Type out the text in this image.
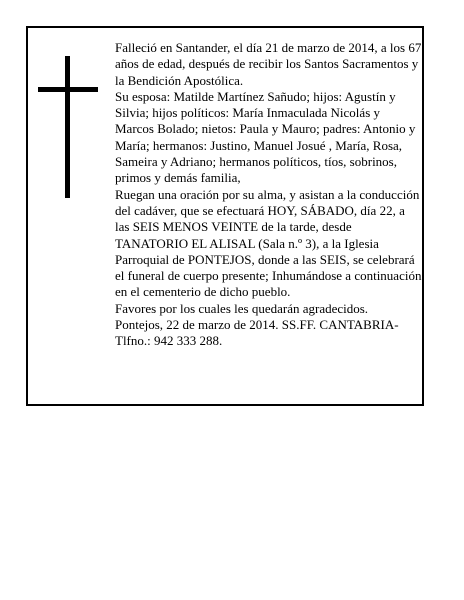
Falleció en Santander, el día 21 de marzo de 2014, a los 67 años de edad, después de recibir los Santos Sacramentos y la Bendición Apostólica.

Su esposa: Matilde Martínez Sañudo; hijos: Agustín y Silvia; hijos políticos: María Inmaculada Nicolás y Marcos Bolado; nietos: Paula y Mauro; padres: Antonio y María; hermanos: Justino, Manuel Josué , María, Rosa, Sameira y Adriano; hermanos políticos, tíos, sobrinos, primos y demás familia,

Ruegan una oración por su alma, y asistan a la conducción del cadáver, que se efectuará HOY, SÁBADO, día 22, a las SEIS MENOS VEINTE de la tarde, desde TANATORIO EL ALISAL (Sala n.º 3), a la Iglesia Parroquial de PONTEJOS, donde a las SEIS, se celebrará el funeral de cuerpo presente; Inhumándose a continuación en el cementerio de dicho pueblo.

Favores por los cuales les quedarán agradecidos.

Pontejos, 22 de marzo de 2014. SS.FF. CANTABRIA-Tlfno.: 942 333 288.
